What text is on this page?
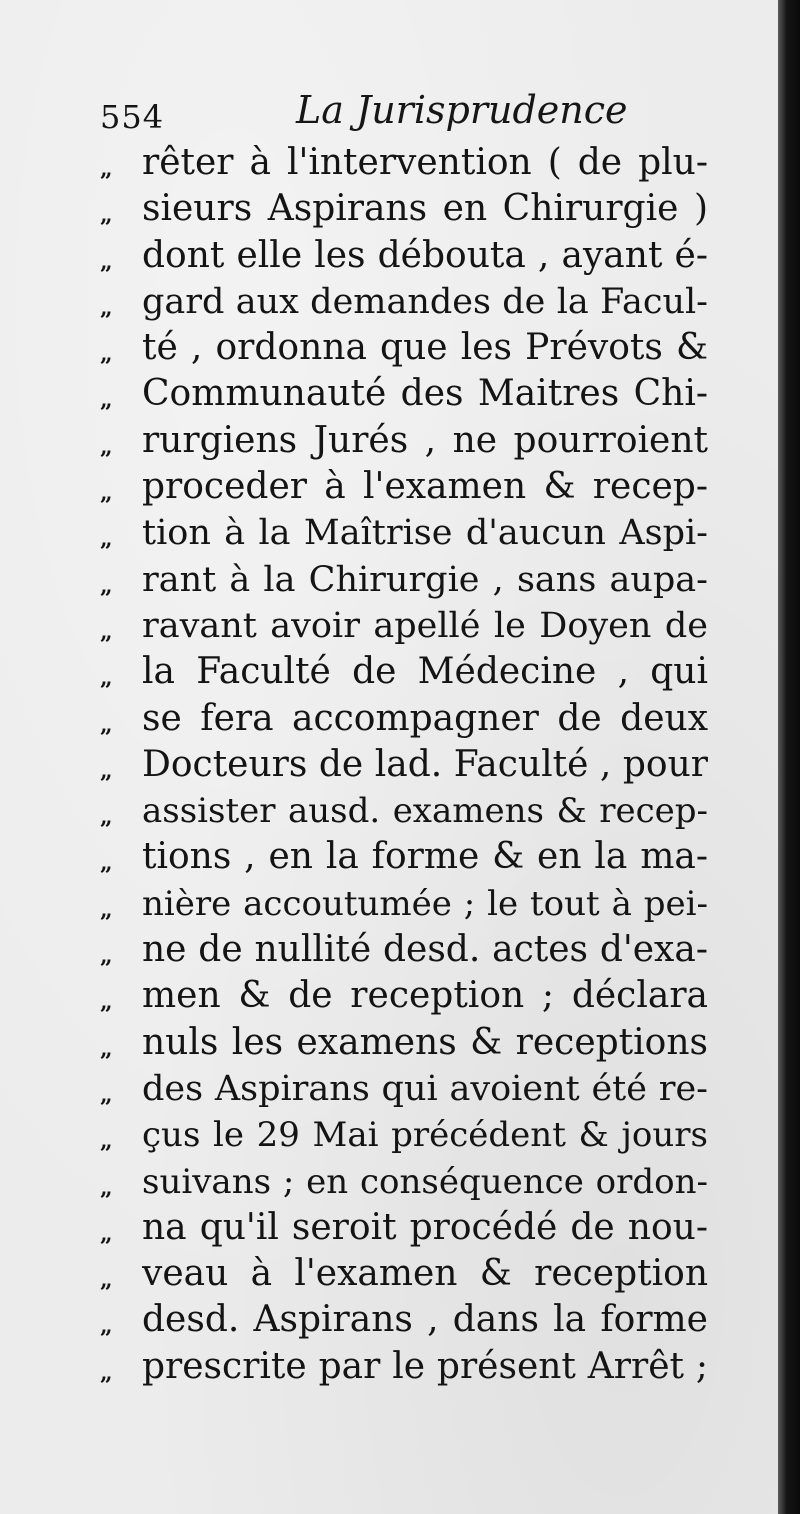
554	La Jurisprudence
„ rêter à l'intervention ( de plu-
„ sieurs Aspirans en Chirurgie )
„ dont elle les débouta , ayant é-
„ gard aux demandes de la Facul-
„ té , ordonna que les Prévots &
„ Communauté des Maitres Chi-
„ rurgiens Jurés , ne pourroient
„ proceder à l'examen & recep-
„ tion à la Maîtrise d'aucun Aspi-
„ rant à la Chirurgie , sans aupa-
„ ravant avoir apellé le Doyen de
„ la Faculté de Médecine , qui
„ se fera accompagner de deux
„ Docteurs de lad. Faculté , pour
„ assister ausd. examens & recep-
„ tions , en la forme & en la ma-
„ nière accoutumée ; le tout à pei-
„ ne de nullité desd. actes d'exa-
„ men & de reception ; déclara
„ nuls les examens & receptions
„ des Aspirans qui avoient été re-
„ çus le 29 Mai précédent & jours
„ suivans ; en conséquence ordon-
„ na qu'il seroit procédé de nou-
„ veau à l'examen & reception
„ desd. Aspirans , dans la forme
„ prescrite par le présent Arrêt ;
